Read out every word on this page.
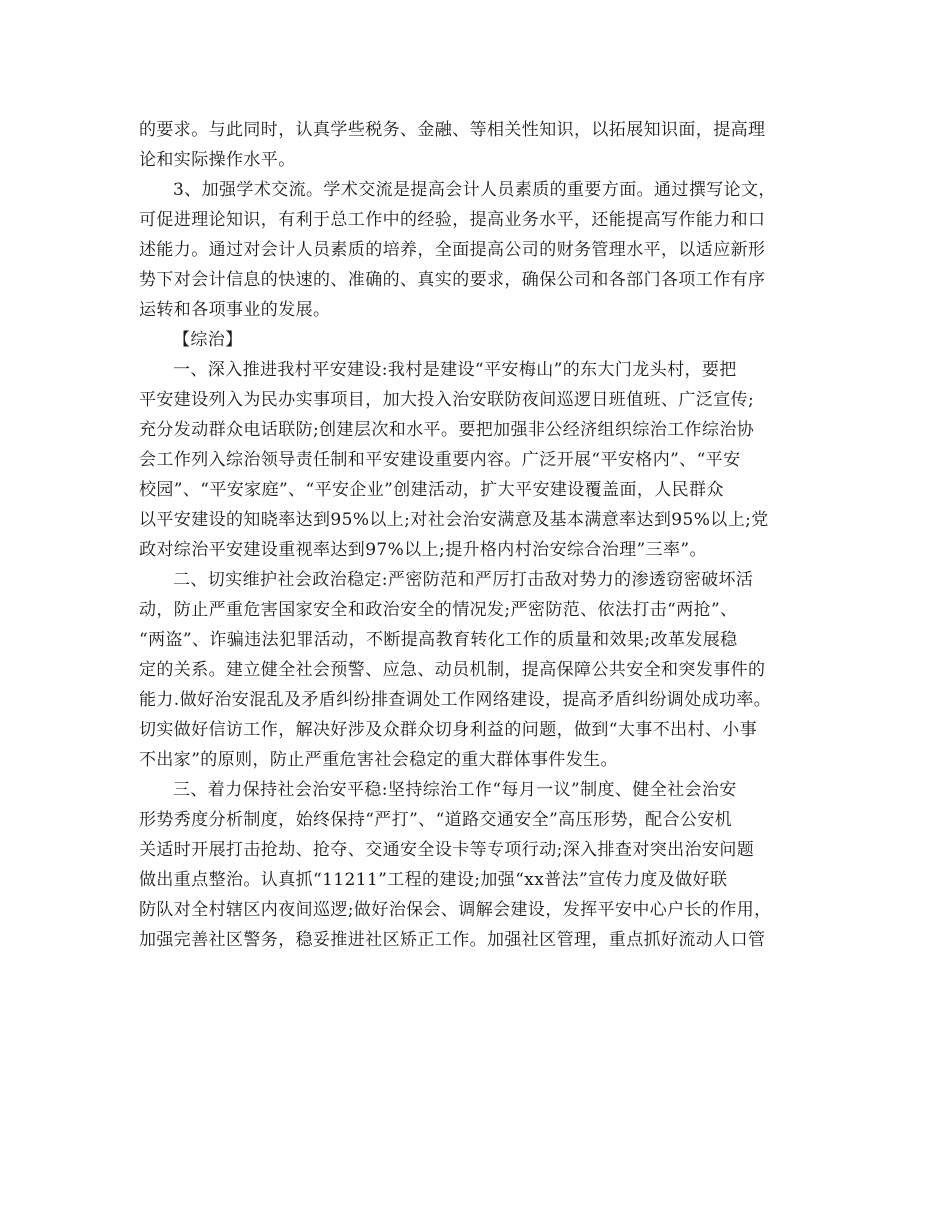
的要求。与此同时，认真学些税务、金融、等相关性知识，以拓展知识面，提高理
论和实际操作水平。

3、加强学术交流。学术交流是提高会计人员素质的重要方面。通过撰写论文，
可促进理论知识，有利于总工作中的经验，提高业务水平，还能提高写作能力和口
述能力。通过对会计人员素质的培养，全面提高公司的财务管理水平，以适应新形
势下对会计信息的快速的、准确的、真实的要求，确保公司和各部门各项工作有序
运转和各项事业的发展。

【综治】

一、深入推进我村平安建设:我村是建设“平安梅山”的东大门龙头村，要把
平安建设列入为民办实事项目，加大投入治安联防夜间巡逻日班值班、广泛宣传;
充分发动群众电话联防;创建层次和水平。要把加强非公经济组织综治工作综治协
会工作列入综治领导责任制和平安建设重要内容。广泛开展“平安格内”、“平安
校园”、“平安家庭”、“平安企业”创建活动，扩大平安建设覆盖面，人民群众
以平安建设的知晓率达到95%以上;对社会治安满意及基本满意率达到95%以上;党
政对综治平安建设重视率达到97%以上;提升格内村治安综合治理”三率”。

二、切实维护社会政治稳定:严密防范和严厉打击敌对势力的渗透窃密破坏活
动，防止严重危害国家安全和政治安全的情况发;严密防范、依法打击“两抢”、
“两盗”、诈骗违法犯罪活动，不断提高教育转化工作的质量和效果;改革发展稳
定的关系。建立健全社会预警、应急、动员机制，提高保障公共安全和突发事件的
能力.做好治安混乱及矛盾纠纷排查调处工作网络建设，提高矛盾纠纷调处成功率。
切实做好信访工作，解决好涉及众群众切身利益的问题，做到“大事不出村、小事
不出家”的原则，防止严重危害社会稳定的重大群体事件发生。

三、着力保持社会治安平稳:坚持综治工作“每月一议”制度、健全社会治安
形势秀度分析制度，始终保持“严打”、“道路交通安全”高压形势，配合公安机
关适时开展打击抢劫、抢夺、交通安全设卡等专项行动;深入排查对突出治安问题
做出重点整治。认真抓“11211”工程的建设;加强“xx普法”宣传力度及做好联
防队对全村辖区内夜间巡逻;做好治保会、调解会建设，发挥平安中心户长的作用，
加强完善社区警务，稳妥推进社区矫正工作。加强社区管理，重点抓好流动人口管
